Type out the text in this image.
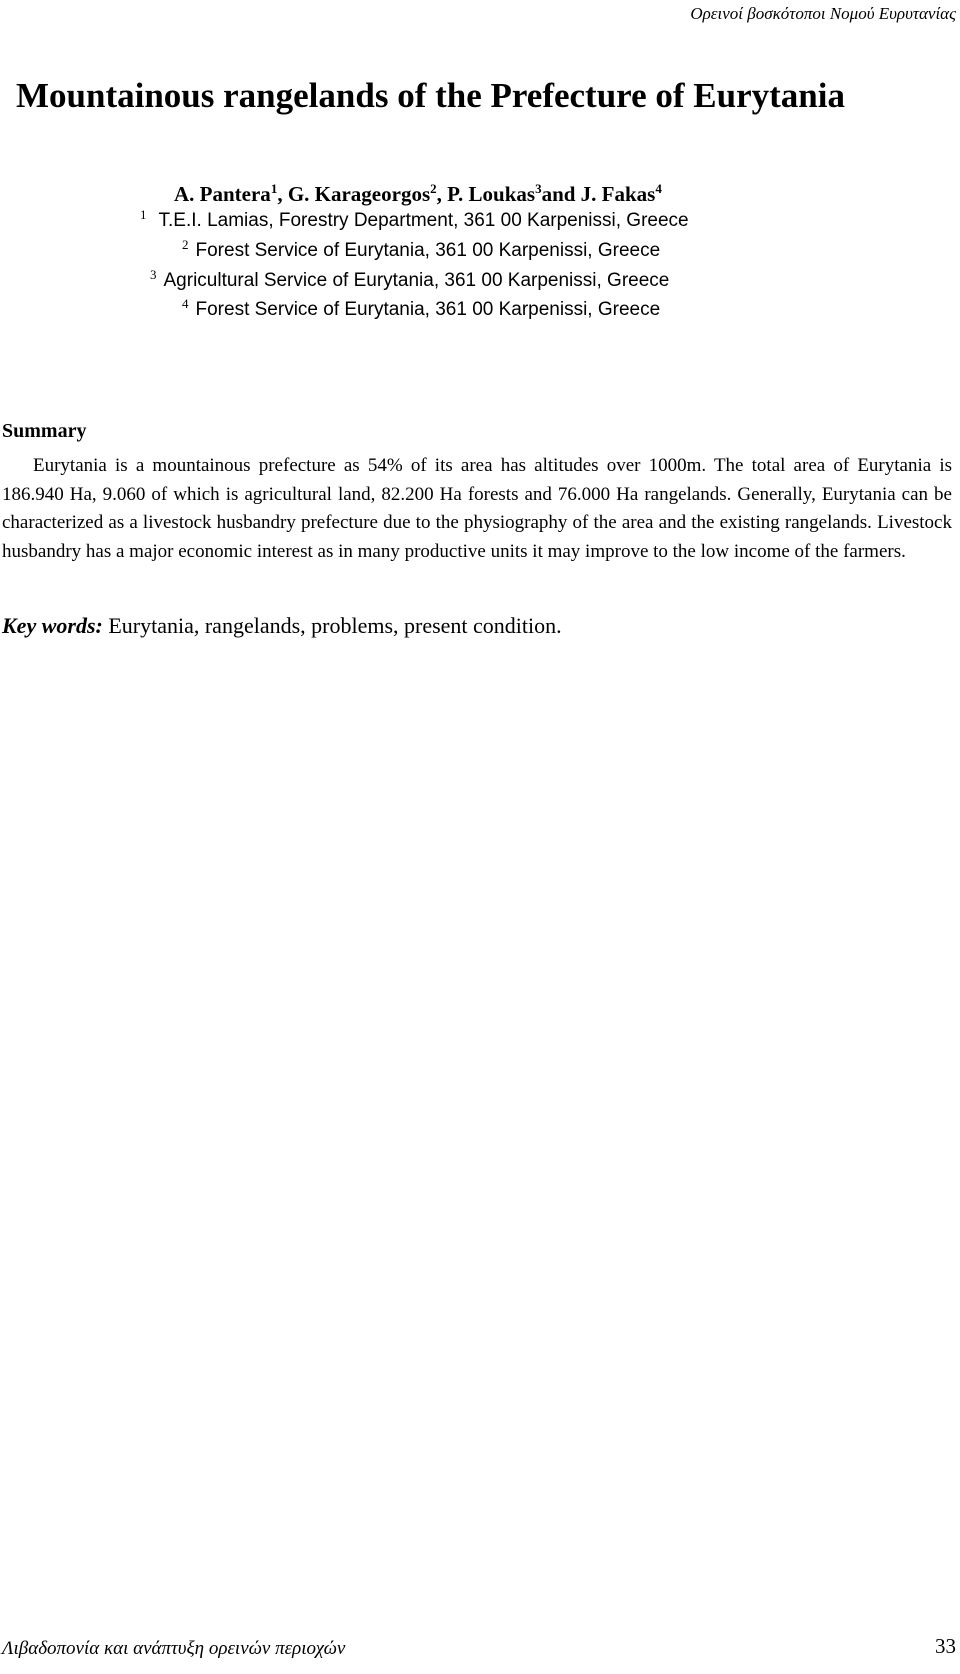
Ορεινοί βοσκότοποι Νομού Ευρυτανίας
Mountainous rangelands of the Prefecture of Eurytania
A. Pantera$^1$, G. Karageorgos$^2$, P. Loukas$^3$and J. Fakas$^4$
$^1$ T.E.I. Lamias, Forestry Department, 361 00 Karpenissi, Greece
$^2$ Forest Service of Eurytania, 361 00 Karpenissi, Greece
$^3$ Agricultural Service of Eurytania, 361 00 Karpenissi, Greece
$^4$ Forest Service of Eurytania, 361 00 Karpenissi, Greece
Summary

Eurytania is a mountainous prefecture as 54% of its area has altitudes over 1000m. The total area of Eurytania is 186.940 Ha, 9.060 of which is agricultural land, 82.200 Ha forests and 76.000 Ha rangelands. Generally, Eurytania can be characterized as a livestock husbandry prefecture due to the physiography of the area and the existing rangelands. Livestock husbandry has a major economic interest as in many productive units it may improve to the low income of the farmers.

Key words: Eurytania, rangelands, problems, present condition.

Λιβαδοπονία και ανάπτυξη ορεινών περιοχών	33
